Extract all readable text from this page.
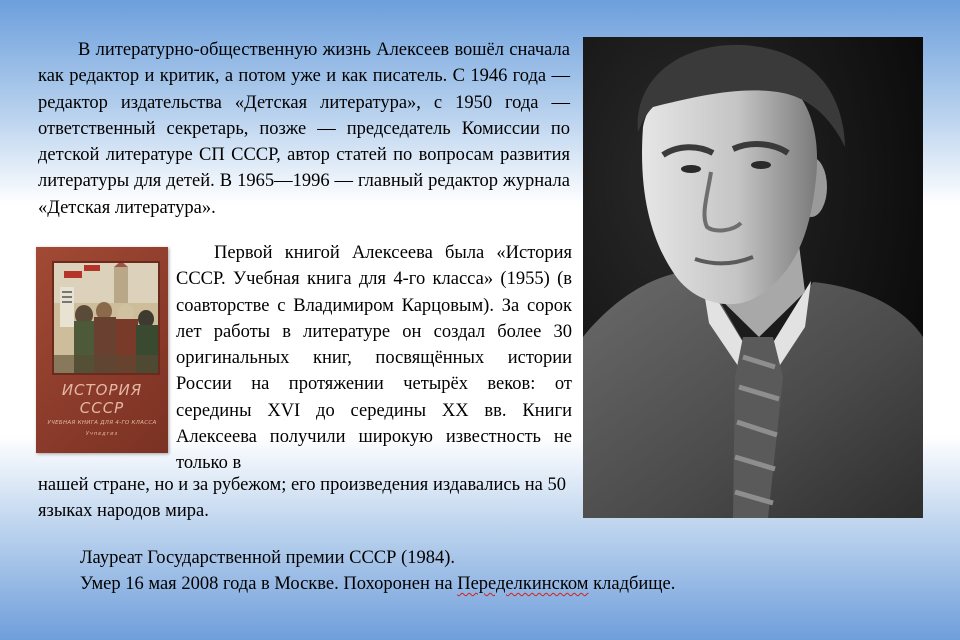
В литературно-общественную жизнь Алексеев вошёл сначала как редактор и критик, а потом уже и как писатель. С 1946 года — редактор издательства «Детская литература», с 1950 года — ответственный секретарь, позже — председатель Комиссии по детской литературе СП СССР, автор статей по вопросам развития литературы для детей. В 1965—1996 — главный редактор журнала «Детская литература».

ИСТОРИЯ
СССР
УЧЕБНАЯ КНИГА ДЛЯ 4-ГО КЛАССА
Учпедгиз

Первой книгой Алексеева была «История СССР. Учебная книга для 4-го класса» (1955) (в соавторстве с Владимиром Карцовым). За сорок лет работы в литературе он создал более 30 оригинальных книг, посвящённых истории России на протяжении четырёх веков: от середины XVI до середины XX вв. Книги Алексеева получили широкую известность не только в

нашей стране, но и за рубежом; его произведения издавались на 50 языках народов мира.

Лауреат Государственной премии СССР (1984).
Умер 16 мая 2008 года в Москве. Похоронен на Переделкинском кладбище.
